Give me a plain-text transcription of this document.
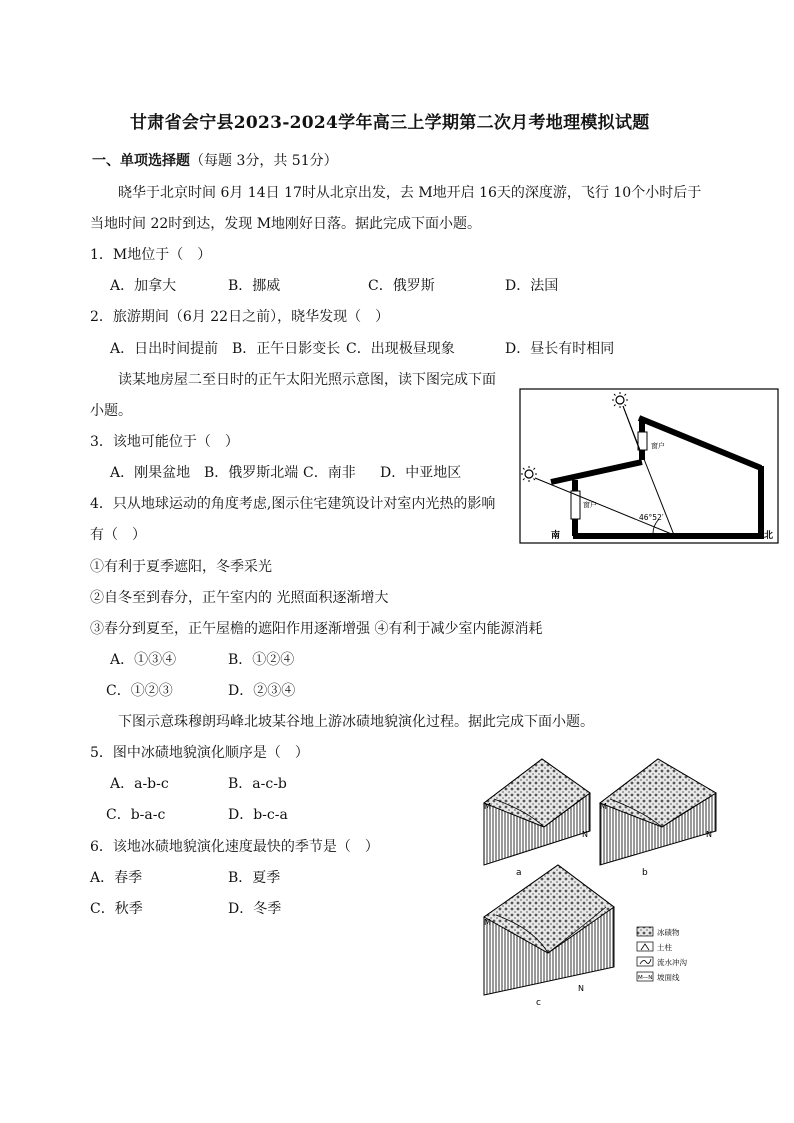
甘肃省会宁县2023-2024学年高三上学期第二次月考地理模拟试题
一、单项选择题（每题 3分，共 51分）
晓华于北京时间 6月 14日 17时从北京出发，去 M地开启 16天的深度游，飞行 10个小时后于
当地时间 22时到达，发现 M地刚好日落。据此完成下面小题。
1．M地位于（　）
A．加拿大	B．挪威	C．俄罗斯	D．法国
2．旅游期间（6月 22日之前），晓华发现（　）
A．日出时间提前 B．正午日影变长 C．出现极昼现象	D．昼长有时相同
读某地房屋二至日时的正午太阳光照示意图，读下图完成下面
小题。
3．该地可能位于（　）
A．刚果盆地 B．俄罗斯北端 C．南非 D．中亚地区
4．只从地球运动的角度考虑,图示住宅建筑设计对室内光热的影响
有（　）
①有利于夏季遮阳，冬季采光
②自冬至到春分，正午室内的 光照面积逐渐增大
③春分到夏至，正午屋檐的遮阳作用逐渐增强 ④有利于减少室内能源消耗
A．①③④	B．①②④
C．①②③	D．②③④
下图示意珠穆朗玛峰北坡某谷地上游冰碛地貌演化过程。据此完成下面小题。
5．图中冰碛地貌演化顺序是（　）
A．a-b-c	B．a-c-b
C．b-a-c	D．b-c-a
6．该地冰碛地貌演化速度最快的季节是（　）
A．春季	B．夏季
C．秋季	D．冬季
窗户
窗户
46°52′
南	北
M
N
a
M
N
b
M
N
c
冰碛物
土柱
流水冲沟
M—N 坡面线
